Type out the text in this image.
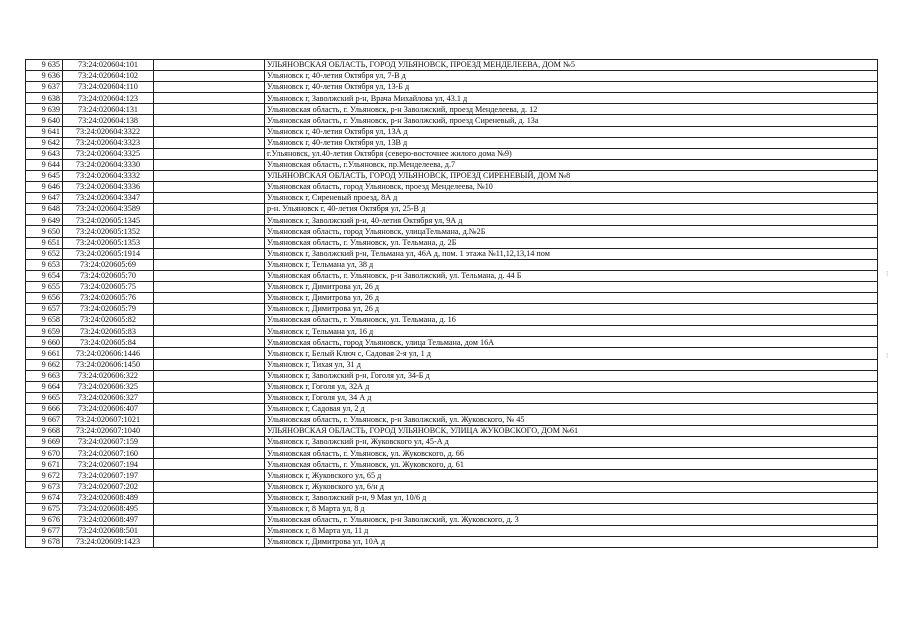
9 635	73:24:020604:101		УЛЬЯНОВСКАЯ ОБЛАСТЬ, ГОРОД УЛЬЯНОВСК, ПРОЕЗД МЕНДЕЛЕЕВА, ДОМ №5
9 636	73:24:020604:102		Ульяновск г, 40-летия Октября ул, 7-В д
9 637	73:24:020604:110		Ульяновск г, 40-летия Октября ул, 13-Б д
9 638	73:24:020604:123		Ульяновск г, Заволжский р-н, Врача Михайлова ул, 43.1 д
9 639	73:24:020604:131		Ульяновская область, г. Ульяновск, р-н Заволжский, проезд Менделеева, д. 12
9 640	73:24:020604:138		Ульяновская область, г. Ульяновск, р-н Заволжский, проезд Сиреневый, д. 13а
9 641	73:24:020604:3322		Ульяновск г, 40-летия Октября ул, 13А д
9 642	73:24:020604:3323		Ульяновск г, 40-летия Октября ул, 13В д
9 643	73:24:020604:3325		г.Ульяновск, ул.40-летия Октября (северо-восточнее жилого дома №9)
9 644	73:24:020604:3330		Ульяновская область, г.Ульяновск, пр.Менделеева, д.7
9 645	73:24:020604:3332		УЛЬЯНОВСКАЯ ОБЛАСТЬ, ГОРОД УЛЬЯНОВСК, ПРОЕЗД СИРЕНЕВЫЙ, ДОМ №8
9 646	73:24:020604:3336		Ульяновская область, город Ульяновск, проезд Менделеева, №10
9 647	73:24:020604:3347		Ульяновск г, Сиреневый проезд, 8А д
9 648	73:24:020604:3589		р-н. Ульяновск г, 40-летия Октября ул, 25-В д
9 649	73:24:020605:1345		Ульяновск г, Заволжский р-н, 40-летия Октября ул, 9А д
9 650	73:24:020605:1352		Ульяновская область, город Ульяновск, улицаТельмана, д.№2Б
9 651	73:24:020605:1353		Ульяновская область, г. Ульяновск, ул. Тельмана, д. 2Б
9 652	73:24:020605:1914		Ульяновск г, Заволжский р-н, Тельмана ул, 46А д, пом. 1 этажа №11,12,13,14 пом
9 653	73:24:020605:69		Ульяновск г, Тельмана ул, 38 д
9 654	73:24:020605:70		Ульяновская область, г. Ульяновск, р-н Заволжский, ул. Тельмана, д. 44 Б
9 655	73:24:020605:75		Ульяновск г, Димитрова ул, 26 д
9 656	73:24:020605:76		Ульяновск г, Димитрова ул, 26 д
9 657	73:24:020605:79		Ульяновск г, Димитрова ул, 26 д
9 658	73:24:020605:82		Ульяновская область, г. Ульяновск, ул. Тельмана, д. 16
9 659	73:24:020605:83		Ульяновск г, Тельмана ул, 16 д
9 660	73:24:020605:84		Ульяновская область, город Ульяновск, улица Тельмана, дом 16А
9 661	73:24:020606:1446		Ульяновск г, Белый Ключ с, Садовая 2-я ул, 1 д
9 662	73:24:020606:1450		Ульяновск г, Тихая ул, 31 д
9 663	73:24:020606:322		Ульяновск г, Заволжский р-н, Гоголя ул, 34-Б д
9 664	73:24:020606:325		Ульяновск г, Гоголя ул, 32А д
9 665	73:24:020606:327		Ульяновск г, Гоголя ул, 34 А д
9 666	73:24:020606:407		Ульяновск г, Садовая ул, 2 д
9 667	73:24:020607:1021		Ульяновская область, г. Ульяновск, р-н Заволжский, ул. Жуковского, № 45
9 668	73:24:020607:1040		УЛЬЯНОВСКАЯ ОБЛАСТЬ, ГОРОД УЛЬЯНОВСК, УЛИЦА ЖУКОВСКОГО, ДОМ №61
9 669	73:24:020607:159		Ульяновск г, Заволжский р-н, Жуковского ул, 45-А д
9 670	73:24:020607:160		Ульяновская область, г. Ульяновск, ул. Жуковского, д. 66
9 671	73:24:020607:194		Ульяновская область, г. Ульяновск, ул. Жуковского, д. 61
9 672	73:24:020607:197		Ульяновск г, Жуковского ул, 65 д
9 673	73:24:020607:202		Ульяновск г, Жуковского ул, 6/н д
9 674	73:24:020608:489		Ульяновск г, Заволжский р-н, 9 Мая ул, 10/6 д
9 675	73:24:020608:495		Ульяновск г, 8 Марта ул, 8 д
9 676	73:24:020608:497		Ульяновская область, г. Ульяновск, р-н Заволжский, ул. Жуковского, д. 3
9 677	73:24:020608:501		Ульяновск г, 8 Марта ул, 11 д
9 678	73:24:020609:1423		Ульяновск г, Димитрова ул, 10А д
⁞
⁞
